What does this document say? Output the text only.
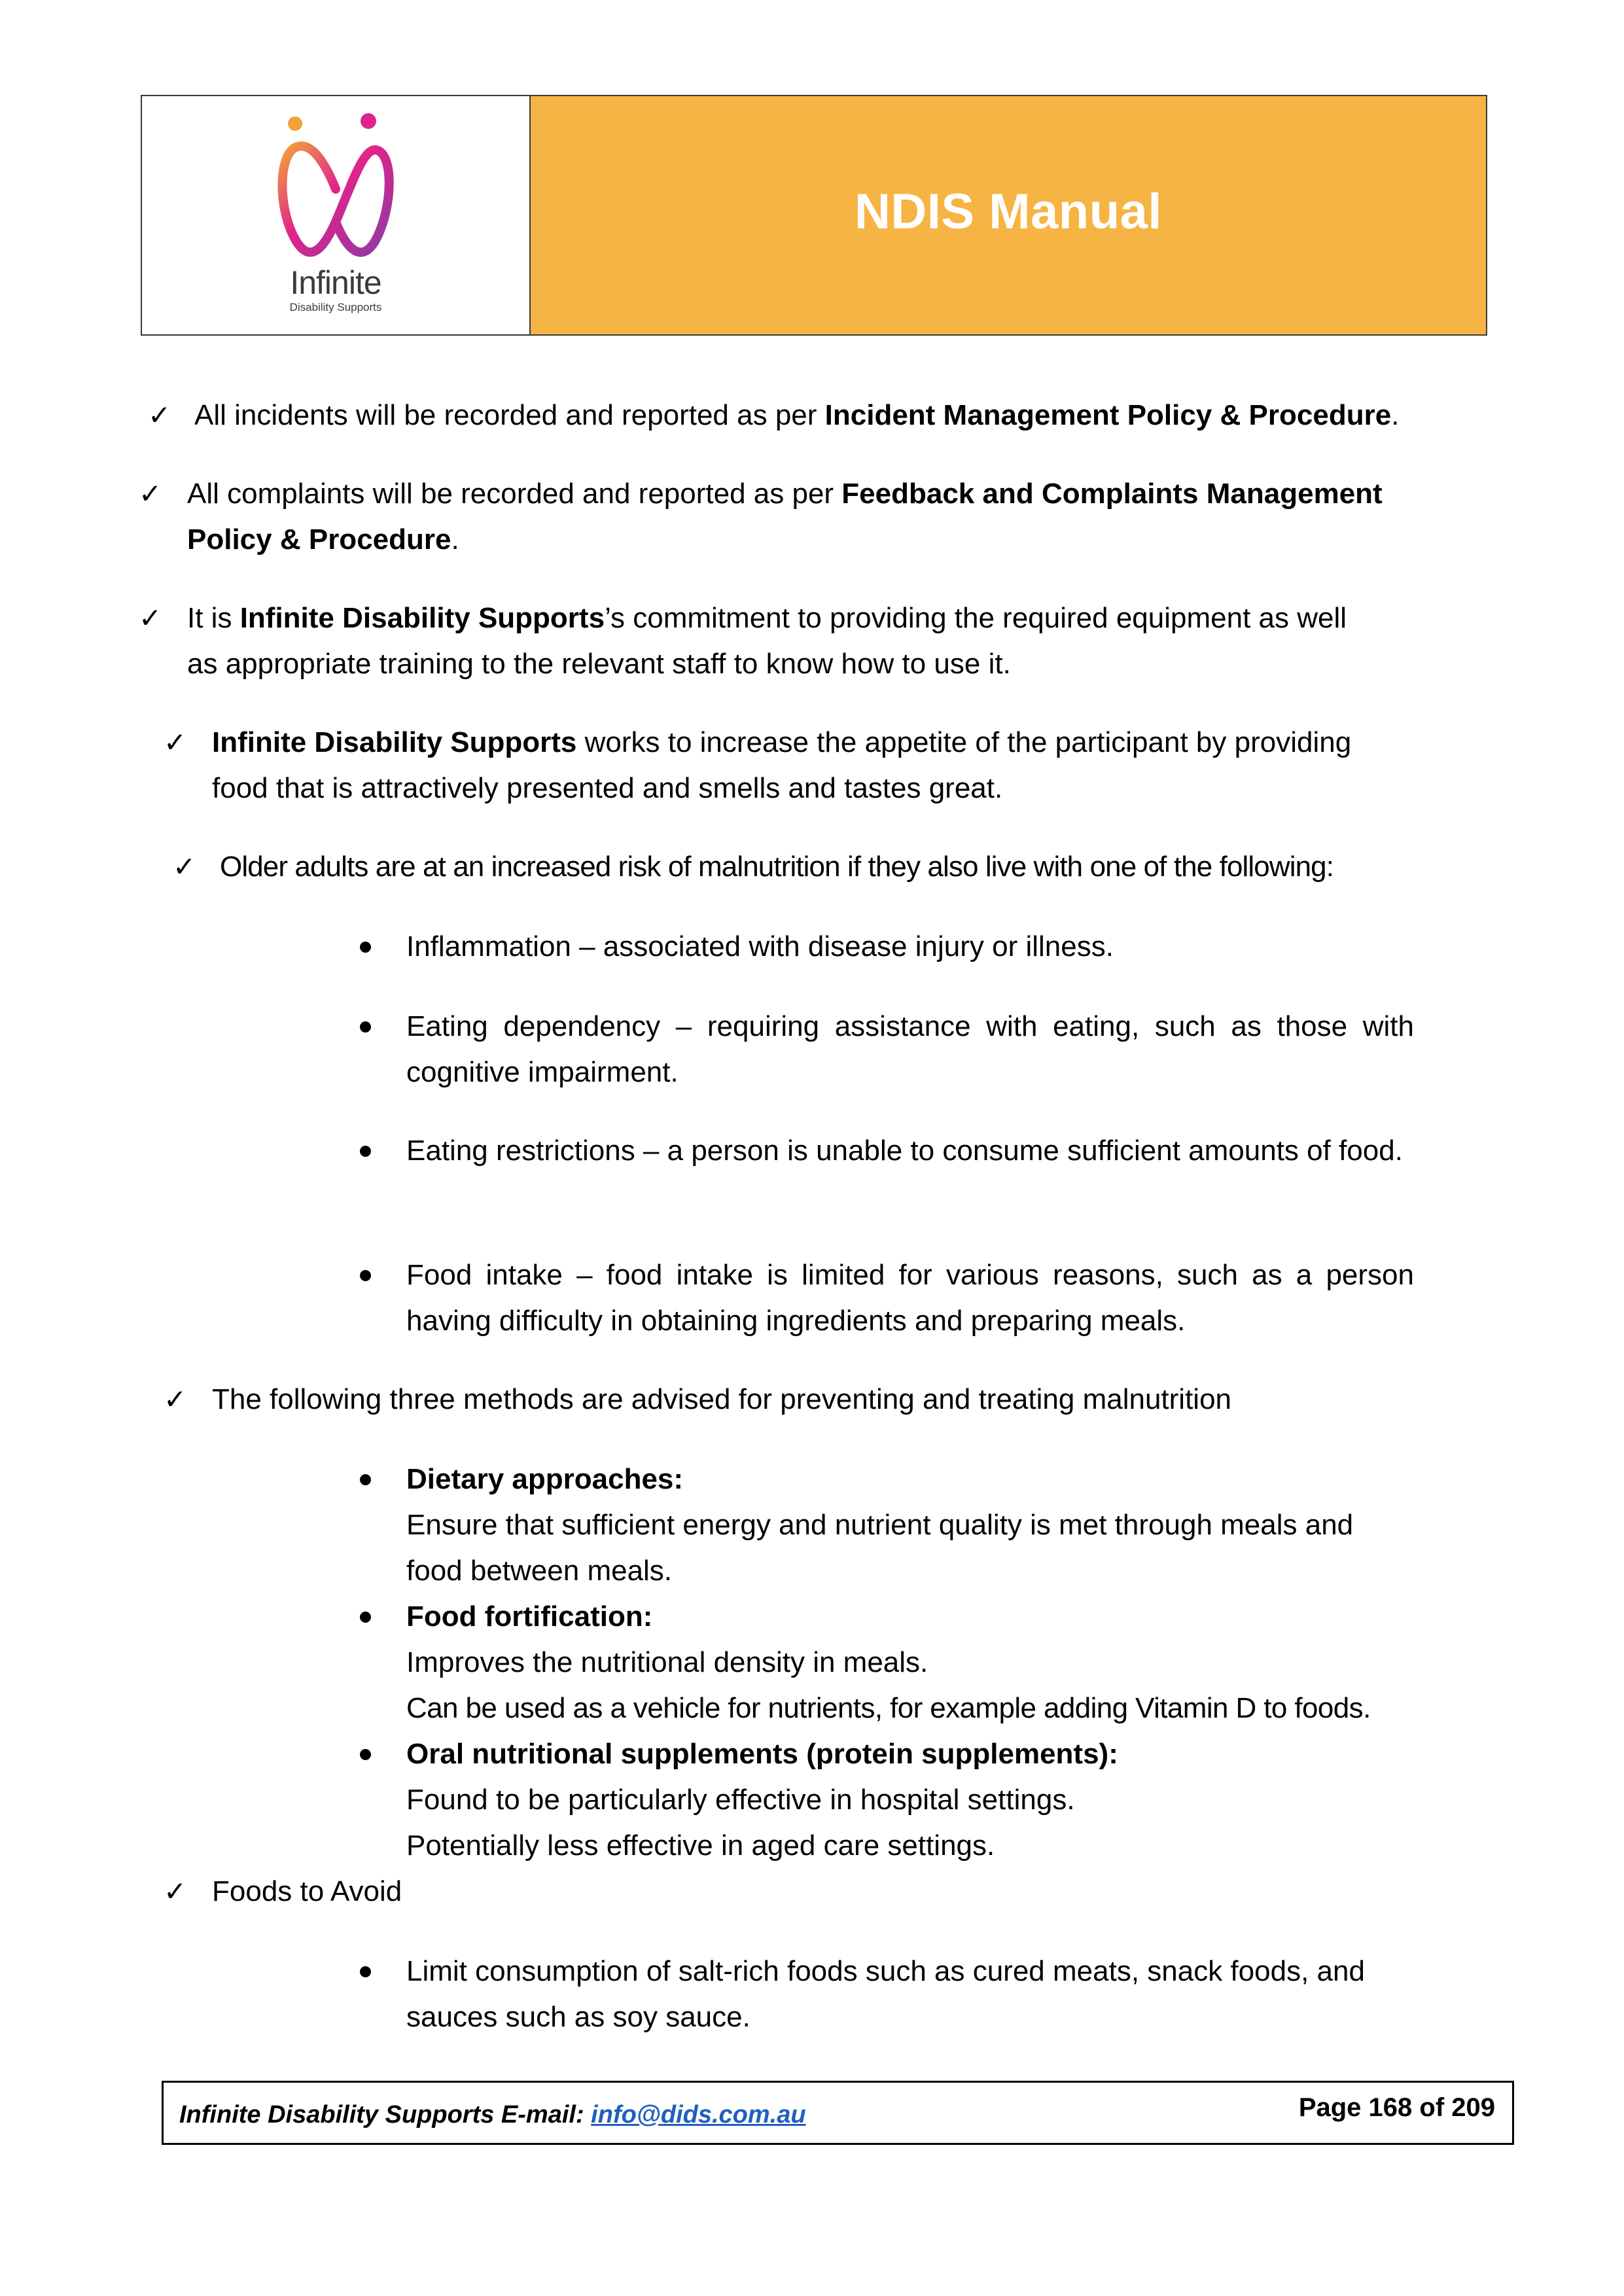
Infinite
Disability Supports
NDIS Manual
✓ All incidents will be recorded and reported as per Incident Management Policy & Procedure.

✓ All complaints will be recorded and reported as per Feedback and Complaints Management
Policy & Procedure.

✓ It is Infinite Disability Supports’s commitment to providing the required equipment as well
as appropriate training to the relevant staff to know how to use it.

✓ Infinite Disability Supports works to increase the appetite of the participant by providing
food that is attractively presented and smells and tastes great.

✓ Older adults are at an increased risk of malnutrition if they also live with one of the following:

Inflammation – associated with disease injury or illness.

Eating dependency – requiring assistance with eating, such as those with cognitive impairment.

Eating restrictions – a person is unable to consume sufficient amounts of food.

Food intake – food intake is limited for various reasons, such as a person having difficulty in obtaining ingredients and preparing meals.

✓ The following three methods are advised for preventing and treating malnutrition

Dietary approaches:
Ensure that sufficient energy and nutrient quality is met through meals and
food between meals.

Food fortification:
Improves the nutritional density in meals.
Can be used as a vehicle for nutrients, for example adding Vitamin D to foods.

Oral nutritional supplements (protein supplements):
Found to be particularly effective in hospital settings.
Potentially less effective in aged care settings.

✓ Foods to Avoid

Limit consumption of salt-rich foods such as cured meats, snack foods, and
sauces such as soy sauce.

Infinite Disability Supports E-mail: info@dids.com.au	Page 168 of 209
